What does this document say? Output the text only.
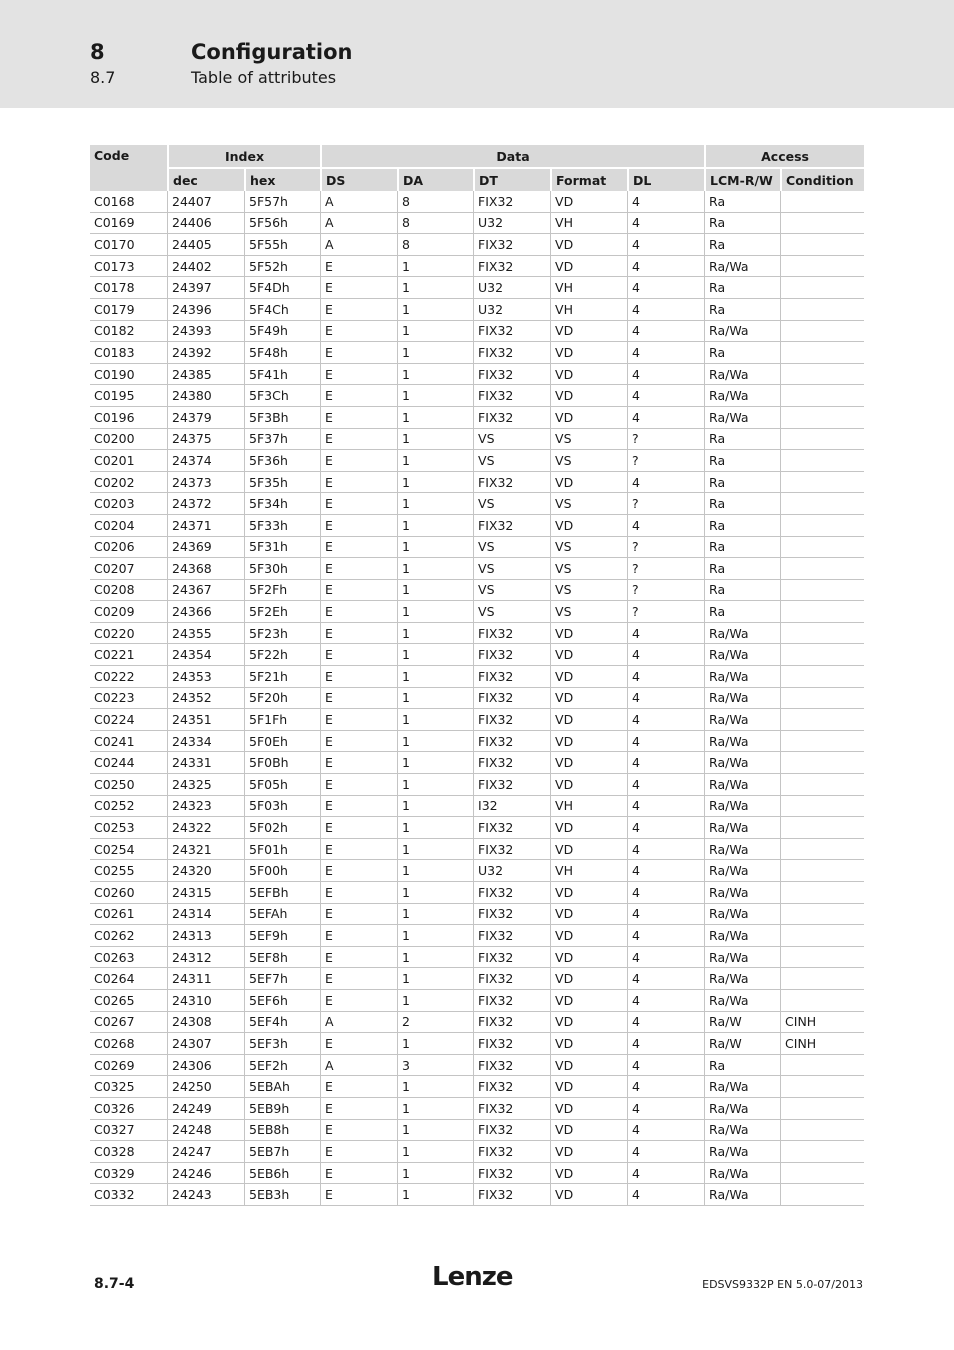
8	Configuration
8.7	Table of attributes
Code	Index		Data					Access	
	dec	hex	DS	DA	DT	Format	DL	LCM-R/W	Condition
C0168	24407	5F57h	A	8	FIX32	VD	4	Ra	
C0169	24406	5F56h	A	8	U32	VH	4	Ra	
C0170	24405	5F55h	A	8	FIX32	VD	4	Ra	
C0173	24402	5F52h	E	1	FIX32	VD	4	Ra/Wa	
C0178	24397	5F4Dh	E	1	U32	VH	4	Ra	
C0179	24396	5F4Ch	E	1	U32	VH	4	Ra	
C0182	24393	5F49h	E	1	FIX32	VD	4	Ra/Wa	
C0183	24392	5F48h	E	1	FIX32	VD	4	Ra	
C0190	24385	5F41h	E	1	FIX32	VD	4	Ra/Wa	
C0195	24380	5F3Ch	E	1	FIX32	VD	4	Ra/Wa	
C0196	24379	5F3Bh	E	1	FIX32	VD	4	Ra/Wa	
C0200	24375	5F37h	E	1	VS	VS	?	Ra	
C0201	24374	5F36h	E	1	VS	VS	?	Ra	
C0202	24373	5F35h	E	1	FIX32	VD	4	Ra	
C0203	24372	5F34h	E	1	VS	VS	?	Ra	
C0204	24371	5F33h	E	1	FIX32	VD	4	Ra	
C0206	24369	5F31h	E	1	VS	VS	?	Ra	
C0207	24368	5F30h	E	1	VS	VS	?	Ra	
C0208	24367	5F2Fh	E	1	VS	VS	?	Ra	
C0209	24366	5F2Eh	E	1	VS	VS	?	Ra	
C0220	24355	5F23h	E	1	FIX32	VD	4	Ra/Wa	
C0221	24354	5F22h	E	1	FIX32	VD	4	Ra/Wa	
C0222	24353	5F21h	E	1	FIX32	VD	4	Ra/Wa	
C0223	24352	5F20h	E	1	FIX32	VD	4	Ra/Wa	
C0224	24351	5F1Fh	E	1	FIX32	VD	4	Ra/Wa	
C0241	24334	5F0Eh	E	1	FIX32	VD	4	Ra/Wa	
C0244	24331	5F0Bh	E	1	FIX32	VD	4	Ra/Wa	
C0250	24325	5F05h	E	1	FIX32	VD	4	Ra/Wa	
C0252	24323	5F03h	E	1	I32	VH	4	Ra/Wa	
C0253	24322	5F02h	E	1	FIX32	VD	4	Ra/Wa	
C0254	24321	5F01h	E	1	FIX32	VD	4	Ra/Wa	
C0255	24320	5F00h	E	1	U32	VH	4	Ra/Wa	
C0260	24315	5EFBh	E	1	FIX32	VD	4	Ra/Wa	
C0261	24314	5EFAh	E	1	FIX32	VD	4	Ra/Wa	
C0262	24313	5EF9h	E	1	FIX32	VD	4	Ra/Wa	
C0263	24312	5EF8h	E	1	FIX32	VD	4	Ra/Wa	
C0264	24311	5EF7h	E	1	FIX32	VD	4	Ra/Wa	
C0265	24310	5EF6h	E	1	FIX32	VD	4	Ra/Wa	
C0267	24308	5EF4h	A	2	FIX32	VD	4	Ra/W	CINH
C0268	24307	5EF3h	E	1	FIX32	VD	4	Ra/W	CINH
C0269	24306	5EF2h	A	3	FIX32	VD	4	Ra	
C0325	24250	5EBAh	E	1	FIX32	VD	4	Ra/Wa	
C0326	24249	5EB9h	E	1	FIX32	VD	4	Ra/Wa	
C0327	24248	5EB8h	E	1	FIX32	VD	4	Ra/Wa	
C0328	24247	5EB7h	E	1	FIX32	VD	4	Ra/Wa	
C0329	24246	5EB6h	E	1	FIX32	VD	4	Ra/Wa	
C0332	24243	5EB3h	E	1	FIX32	VD	4	Ra/Wa	
8.7-4	Lenze	EDSVS9332P EN 5.0-07/2013
